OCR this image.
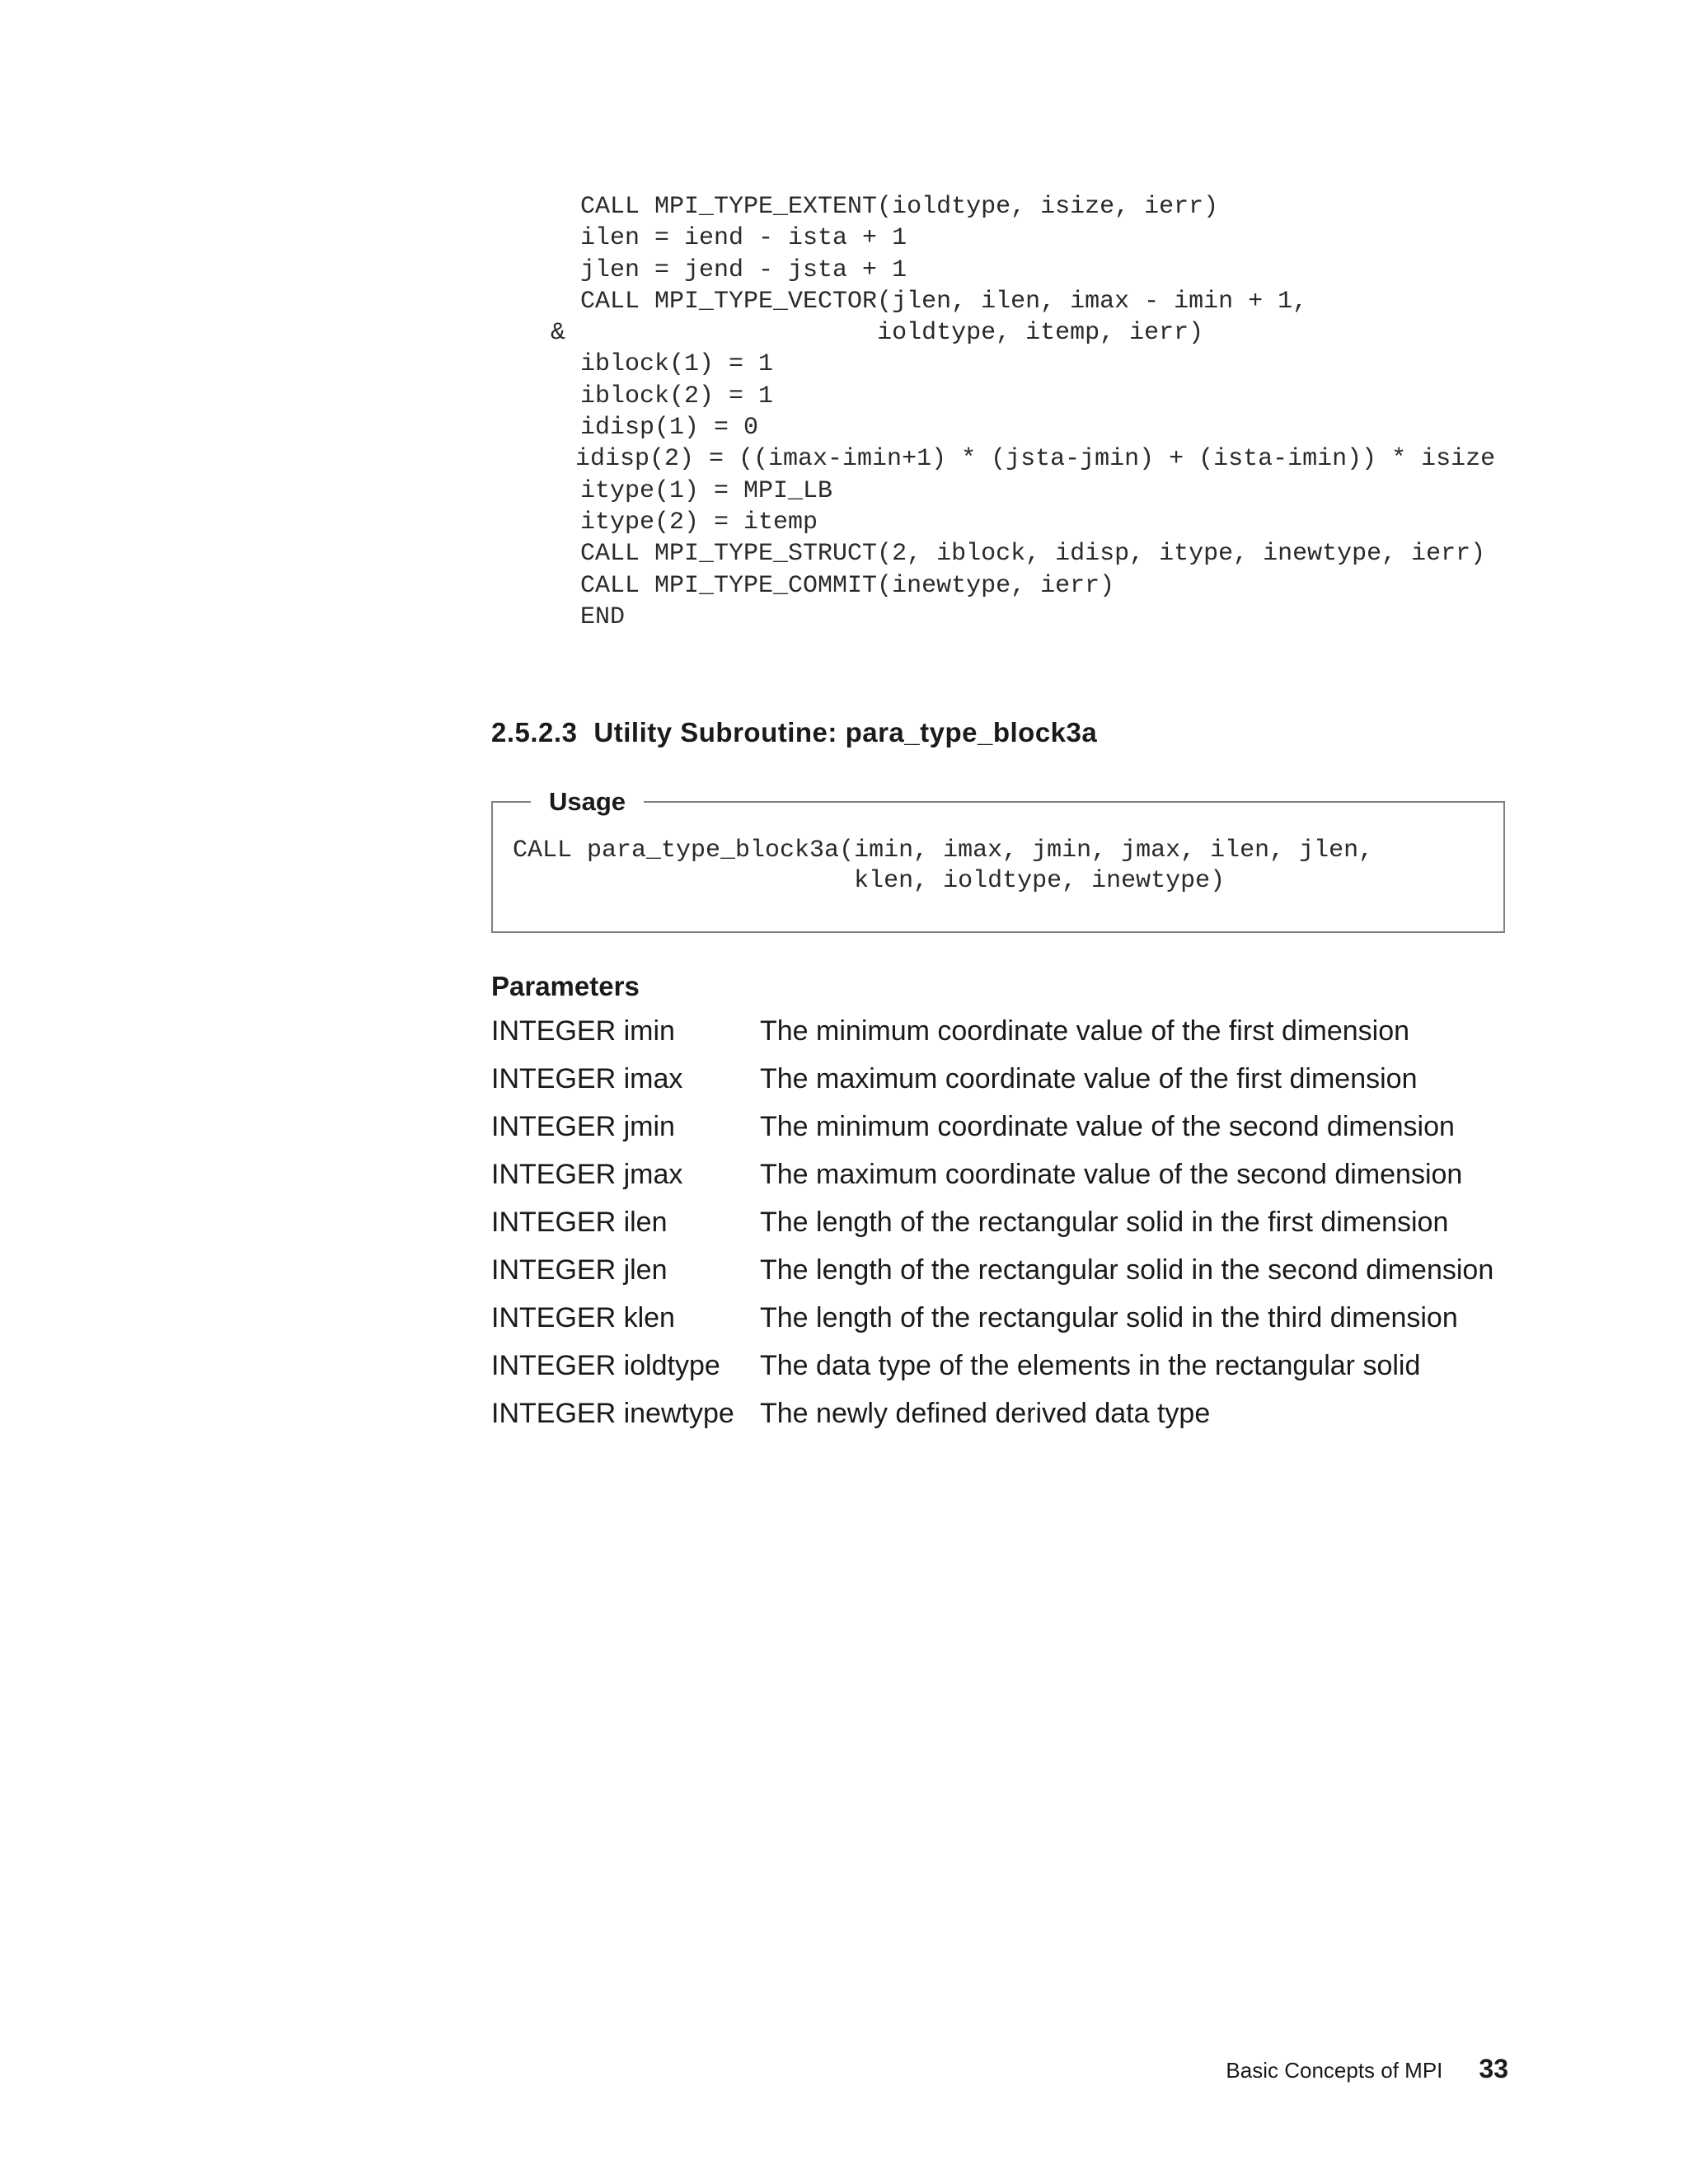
CALL MPI_TYPE_EXTENT(ioldtype, isize, ierr)
ilen = iend - ista + 1
jlen = jend - jsta + 1
CALL MPI_TYPE_VECTOR(jlen, ilen, imax - imin + 1,
&                     ioldtype, itemp, ierr)
iblock(1) = 1
iblock(2) = 1
idisp(1) = 0
idisp(2) = ((imax-imin+1) * (jsta-jmin) + (ista-imin)) * isize
itype(1) = MPI_LB
itype(2) = itemp
CALL MPI_TYPE_STRUCT(2, iblock, idisp, itype, inewtype, ierr)
CALL MPI_TYPE_COMMIT(inewtype, ierr)
END
2.5.2.3 Utility Subroutine: para_type_block3a
Usage
CALL para_type_block3a(imin, imax, jmin, jmax, ilen, jlen,
klen, ioldtype, inewtype)
Parameters
INTEGER imin	The minimum coordinate value of the first dimension
INTEGER imax	The maximum coordinate value of the first dimension
INTEGER jmin	The minimum coordinate value of the second dimension
INTEGER jmax	The maximum coordinate value of the second dimension
INTEGER ilen	The length of the rectangular solid in the first dimension
INTEGER jlen	The length of the rectangular solid in the second dimension
INTEGER klen	The length of the rectangular solid in the third dimension
INTEGER ioldtype	The data type of the elements in the rectangular solid
INTEGER inewtype The newly defined derived data type
Basic Concepts of MPI 33
